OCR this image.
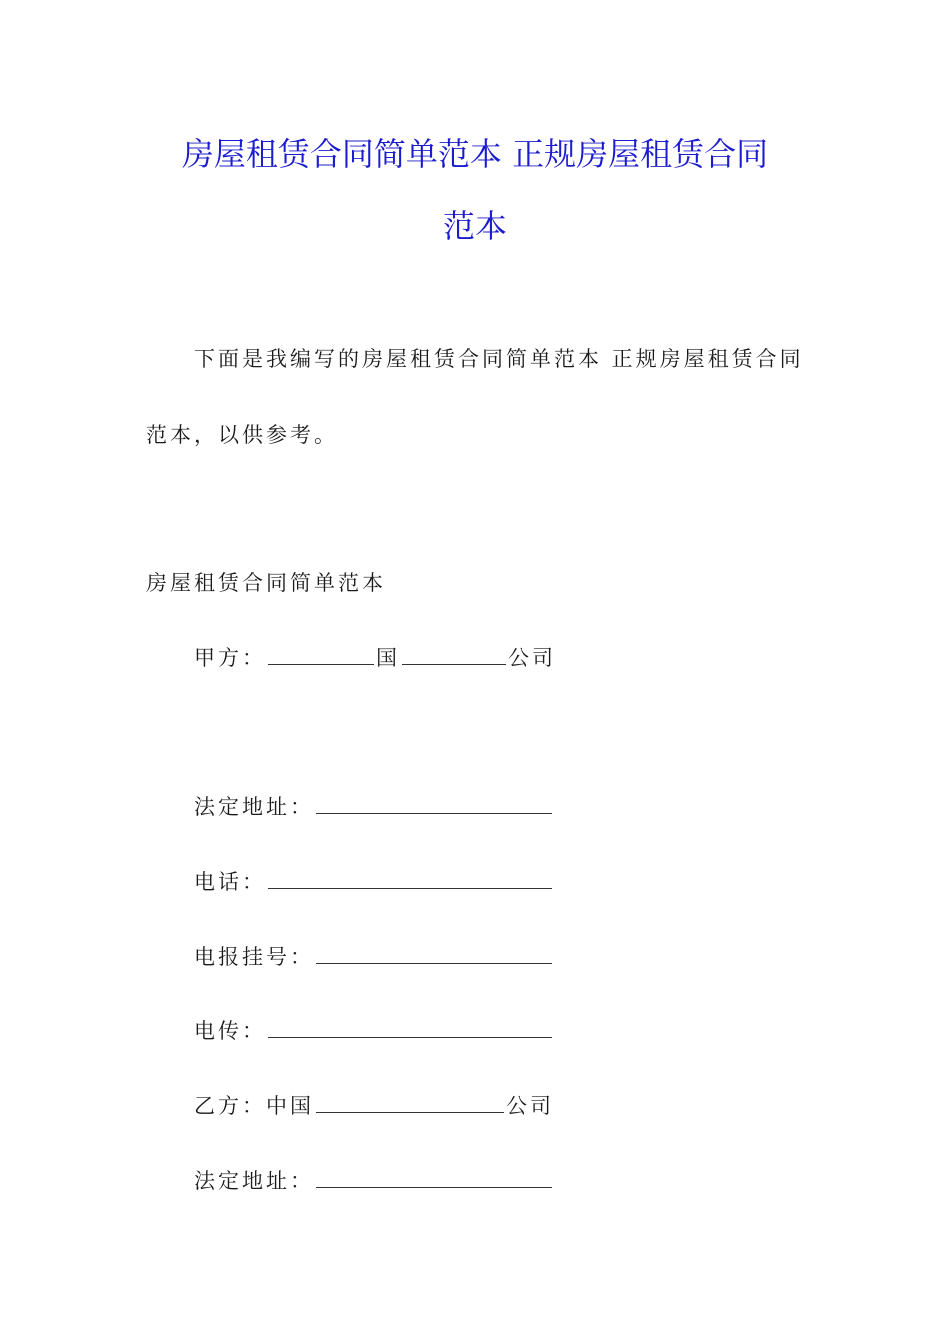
房屋租赁合同简单范本 正规房屋租赁合同
范本
下面是我编写的房屋租赁合同简单范本 正规房屋租赁合同
范本，以供参考。
房屋租赁合同简单范本
甲方：	国	公司
法定地址：
电话：
电报挂号：
电传：
乙方：中国	公司
法定地址：
